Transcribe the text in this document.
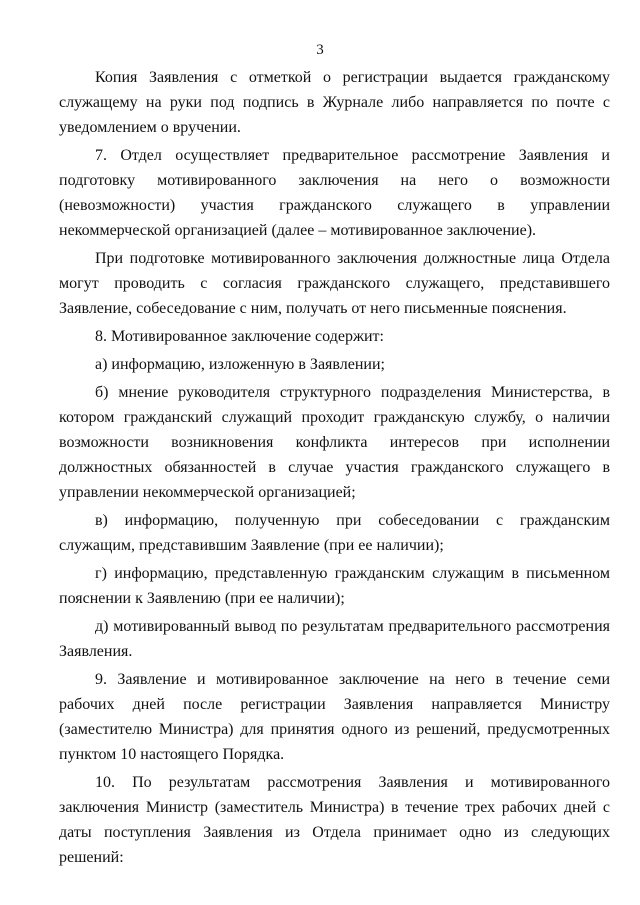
3

Копия Заявления с отметкой о регистрации выдается гражданскому служащему на руки под подпись в Журнале либо направляется по почте с уведомлением о вручении.

7. Отдел осуществляет предварительное рассмотрение Заявления и подготовку мотивированного заключения на него о возможности (невозможности) участия гражданского служащего в управлении некоммерческой организацией (далее – мотивированное заключение).

При подготовке мотивированного заключения должностные лица Отдела могут проводить с согласия гражданского служащего, представившего Заявление, собеседование с ним, получать от него письменные пояснения.

8. Мотивированное заключение содержит:

а) информацию, изложенную в Заявлении;

б) мнение руководителя структурного подразделения Министерства, в котором гражданский служащий проходит гражданскую службу, о наличии возможности возникновения конфликта интересов при исполнении должностных обязанностей в случае участия гражданского служащего в управлении некоммерческой организацией;

в) информацию, полученную при собеседовании с гражданским служащим, представившим Заявление (при ее наличии);

г) информацию, представленную гражданским служащим в письменном пояснении к Заявлению (при ее наличии);

д) мотивированный вывод по результатам предварительного рассмотрения Заявления.

9. Заявление и мотивированное заключение на него в течение семи рабочих дней после регистрации Заявления направляется Министру (заместителю Министра) для принятия одного из решений, предусмотренных пунктом 10 настоящего Порядка.

10. По результатам рассмотрения Заявления и мотивированного заключения Министр (заместитель Министра) в течение трех рабочих дней с даты поступления Заявления из Отдела принимает одно из следующих решений:
